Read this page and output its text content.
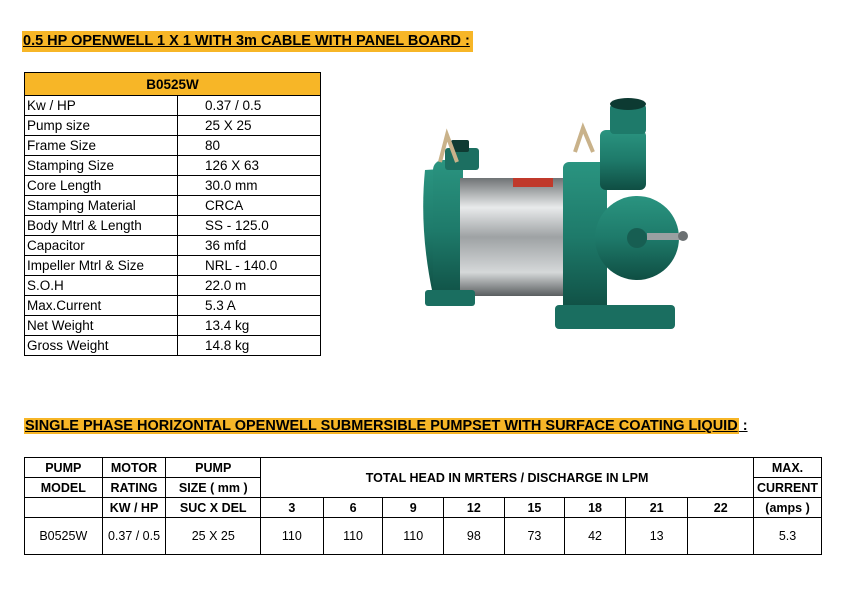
0.5 HP OPENWELL 1 X 1 WITH 3m CABLE WITH PANEL BOARD :
B0525W	
Kw / HP	0.37 / 0.5
Pump size	25 X 25
Frame Size	80
Stamping Size	126 X 63
Core Length	30.0 mm
Stamping Material	CRCA
Body Mtrl & Length	SS - 125.0
Capacitor	36 mfd
Impeller Mtrl & Size	NRL - 140.0
S.O.H	22.0 m
Max.Current	5.3 A
Net Weight	13.4 kg
Gross Weight	14.8 kg
SINGLE PHASE HORIZONTAL OPENWELL SUBMERSIBLE PUMPSET WITH SURFACE COATING LIQUID :
PUMP	MOTOR	PUMP	TOTAL HEAD IN MRTERS / DISCHARGE IN LPM								MAX.
MODEL	RATING	SIZE ( mm )									CURRENT
	KW / HP	SUC X DEL	3	6	9	12	15	18	21	22	(amps )
B0525W	0.37 / 0.5	25 X 25	110	110	110	98	73	42	13		5.3
